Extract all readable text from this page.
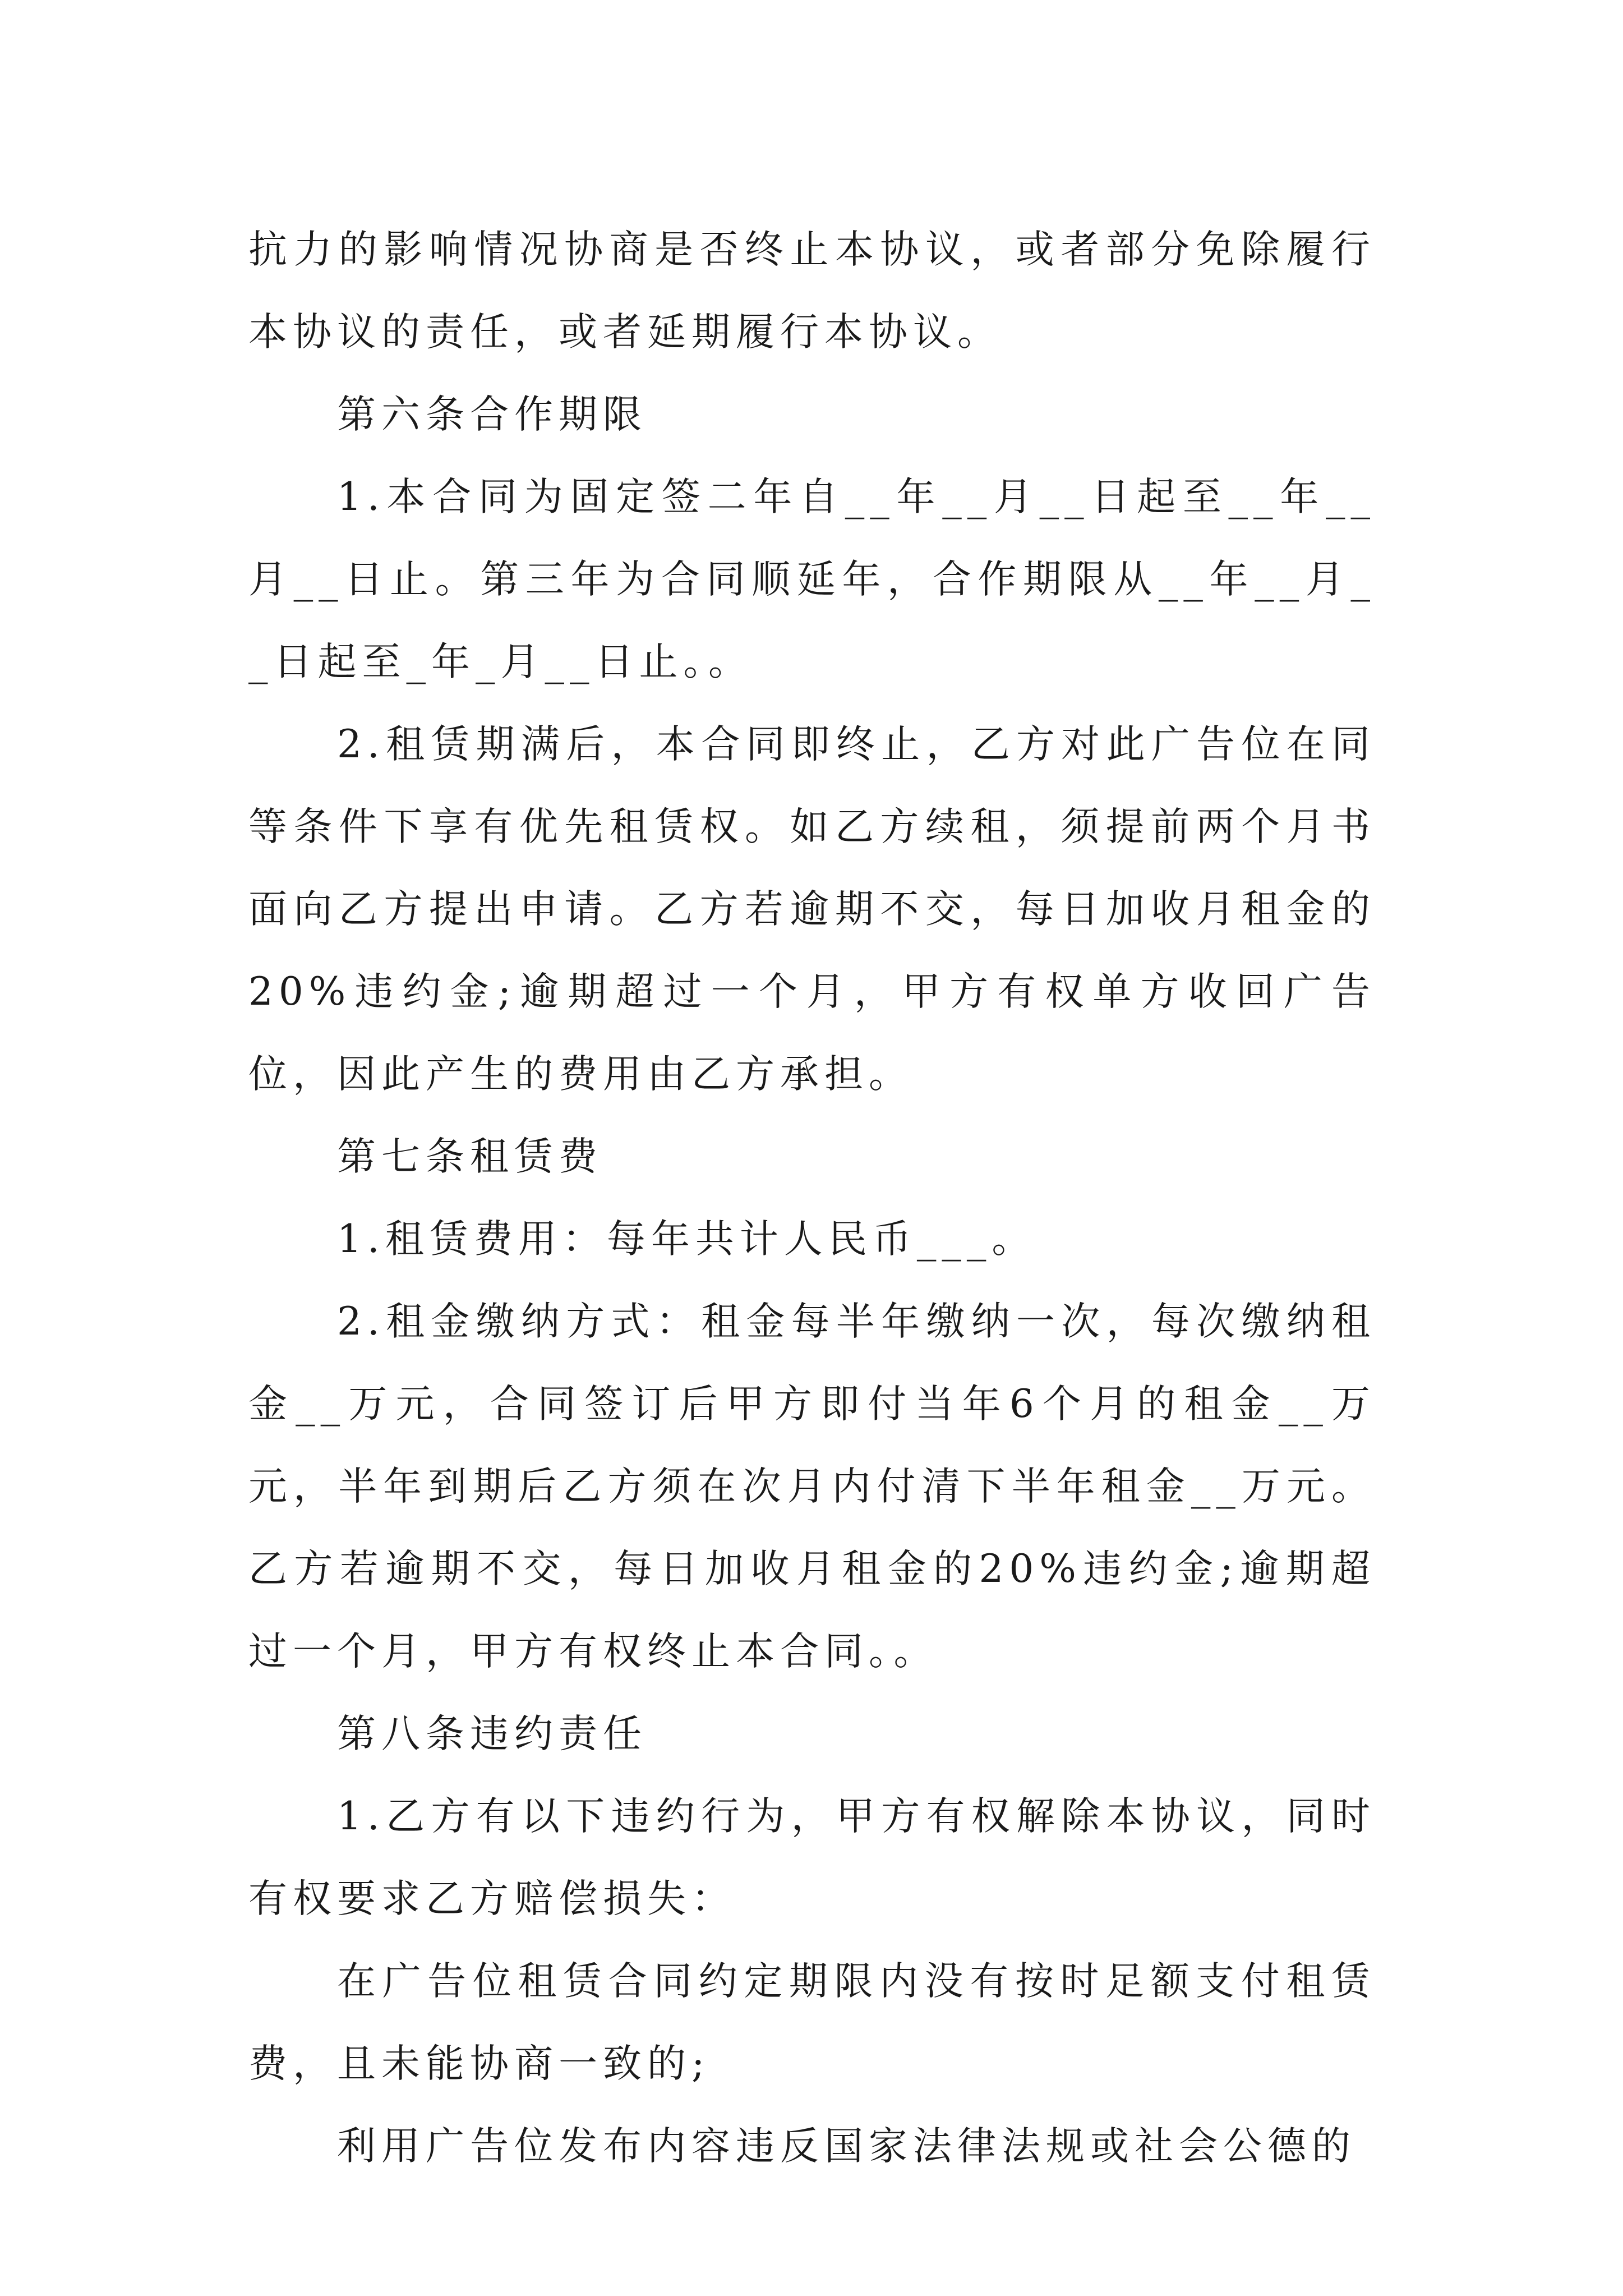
抗力的影响情况协商是否终止本协议，或者部分免除履行本协议的责任，或者延期履行本协议。

第六条合作期限

1.本合同为固定签二年自__年__月__日起至__年__月__日止。第三年为合同顺延年，合作期限从__年__月__日起至_年_月__日止。。

2.租赁期满后，本合同即终止，乙方对此广告位在同等条件下享有优先租赁权。如乙方续租，须提前两个月书面向乙方提出申请。乙方若逾期不交，每日加收月租金的20%违约金;逾期超过一个月，甲方有权单方收回广告位，因此产生的费用由乙方承担。

第七条租赁费

1.租赁费用：每年共计人民币___。

2.租金缴纳方式：租金每半年缴纳一次，每次缴纳租金__万元，合同签订后甲方即付当年6个月的租金__万元，半年到期后乙方须在次月内付清下半年租金__万元。乙方若逾期不交，每日加收月租金的20%违约金;逾期超过一个月，甲方有权终止本合同。。

第八条违约责任

1.乙方有以下违约行为，甲方有权解除本协议，同时有权要求乙方赔偿损失：

在广告位租赁合同约定期限内没有按时足额支付租赁费，且未能协商一致的;

利用广告位发布内容违反国家法律法规或社会公德的
